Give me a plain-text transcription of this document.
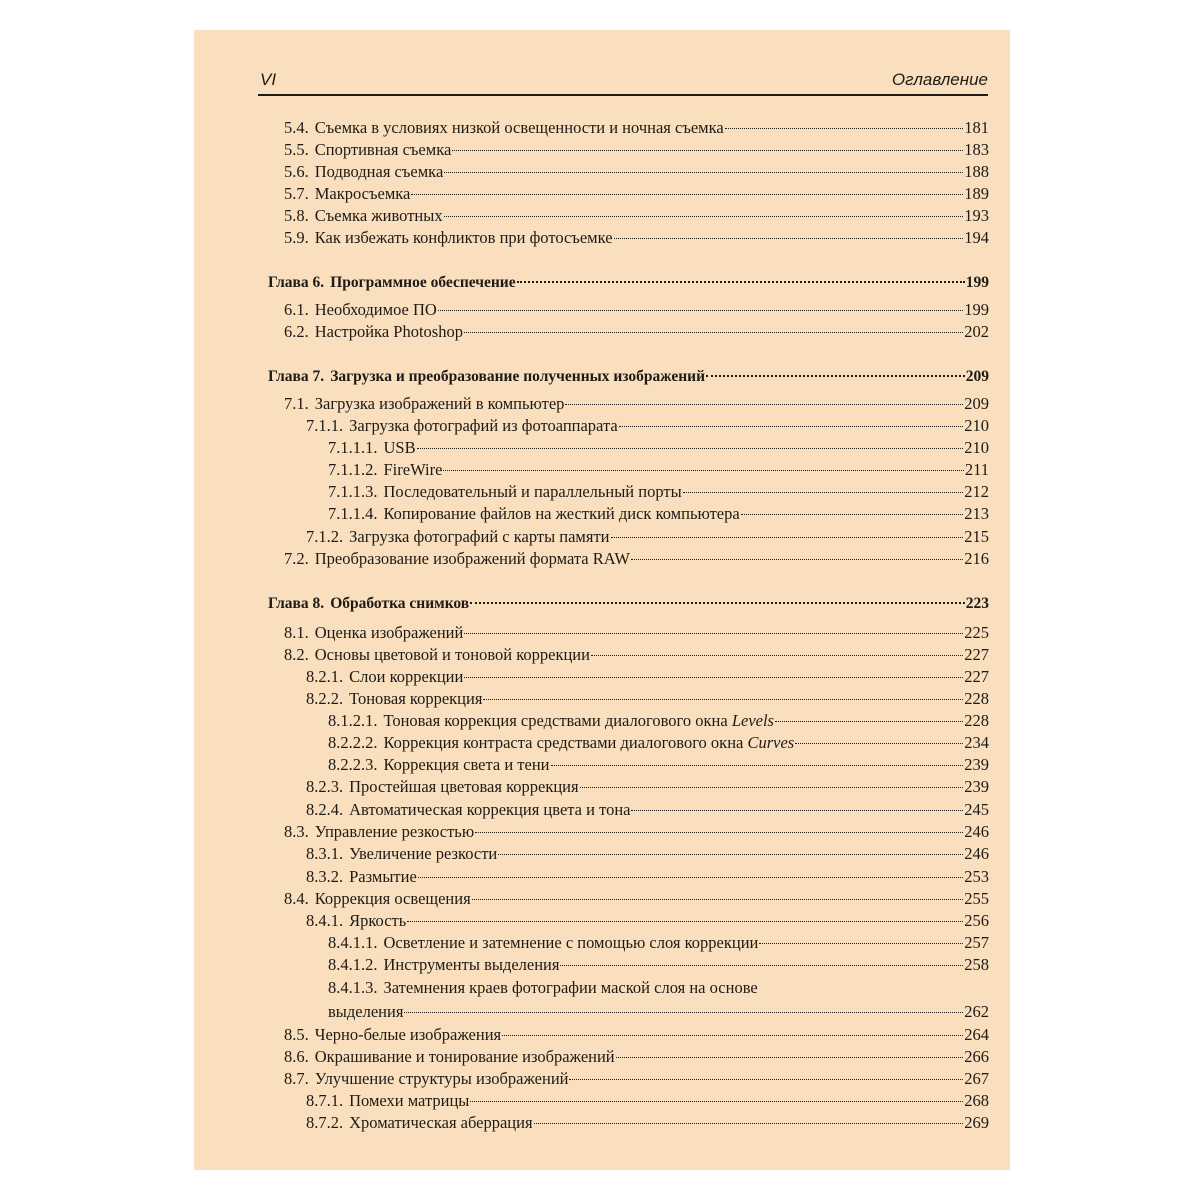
VI	Оглавление
5.4. Съемка в условиях низкой освещенности и ночная съемка	181
5.5. Спортивная съемка	183
5.6. Подводная съемка	188
5.7. Макросъемка	189
5.8. Съемка животных	193
5.9. Как избежать конфликтов при фотосъемке	194
Глава 6. Программное обеспечение	199
6.1. Необходимое ПО	199
6.2. Настройка Photoshop	202
Глава 7. Загрузка и преобразование полученных изображений	209
7.1. Загрузка изображений в компьютер	209
7.1.1. Загрузка фотографий из фотоаппарата	210
7.1.1.1. USB	210
7.1.1.2. FireWire	211
7.1.1.3. Последовательный и параллельный порты	212
7.1.1.4. Копирование файлов на жесткий диск компьютера	213
7.1.2. Загрузка фотографий с карты памяти	215
7.2. Преобразование изображений формата RAW	216
Глава 8. Обработка снимков	223
8.1. Оценка изображений	225
8.2. Основы цветовой и тоновой коррекции	227
8.2.1. Слои коррекции	227
8.2.2. Тоновая коррекция	228
8.1.2.1. Тоновая коррекция средствами диалогового окна Levels	228
8.2.2.2. Коррекция контраста средствами диалогового окна Curves	234
8.2.2.3. Коррекция света и тени	239
8.2.3. Простейшая цветовая коррекция	239
8.2.4. Автоматическая коррекция цвета и тона	245
8.3. Управление резкостью	246
8.3.1. Увеличение резкости	246
8.3.2. Размытие	253
8.4. Коррекция освещения	255
8.4.1. Яркость	256
8.4.1.1. Осветление и затемнение с помощью слоя коррекции	257
8.4.1.2. Инструменты выделения	258
8.4.1.3. Затемнения краев фотографии маской слоя на основе
выделения	262
8.5. Черно-белые изображения	264
8.6. Окрашивание и тонирование изображений	266
8.7. Улучшение структуры изображений	267
8.7.1. Помехи матрицы	268
8.7.2. Хроматическая аберрация	269
